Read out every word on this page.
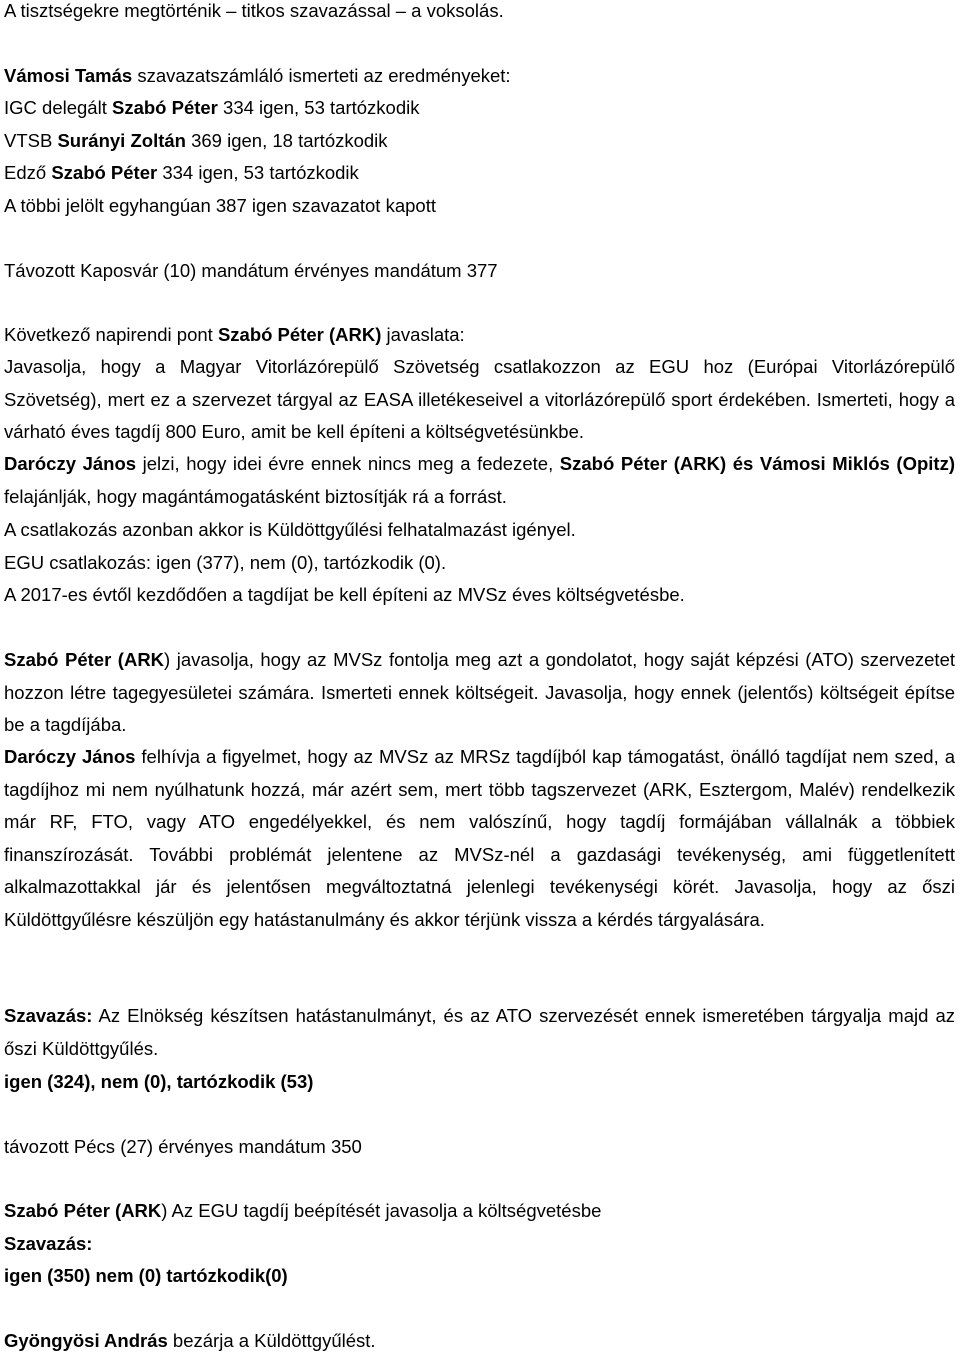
A tisztségekre megtörténik – titkos szavazással – a voksolás.

Vámosi Tamás szavazatszámláló ismerteti az eredményeket:

IGC delegált Szabó Péter 334 igen, 53 tartózkodik

VTSB Surányi Zoltán 369 igen, 18 tartózkodik

Edző Szabó Péter 334 igen, 53 tartózkodik

A többi jelölt egyhangúan 387 igen szavazatot kapott

Távozott Kaposvár (10) mandátum érvényes mandátum 377

Következő napirendi pont Szabó Péter (ARK) javaslata:

Javasolja, hogy a Magyar Vitorlázórepülő Szövetség csatlakozzon az EGU hoz (Európai Vitorlázórepülő Szövetség), mert ez a szervezet tárgyal az EASA illetékeseivel a vitorlázórepülő sport érdekében. Ismerteti, hogy a várható éves tagdíj 800 Euro, amit be kell építeni a költségvetésünkbe.

Daróczy János jelzi, hogy idei évre ennek nincs meg a fedezete, Szabó Péter (ARK) és Vámosi Miklós (Opitz) felajánlják, hogy magántámogatásként biztosítják rá a forrást.

A csatlakozás azonban akkor is Küldöttgyűlési felhatalmazást igényel.

EGU csatlakozás: igen (377), nem (0), tartózkodik (0).

A 2017-es évtől kezdődően a tagdíjat be kell építeni az MVSz éves költségvetésbe.

Szabó Péter (ARK) javasolja, hogy az MVSz fontolja meg azt a gondolatot, hogy saját képzési (ATO) szervezetet hozzon létre tagegyesületei számára. Ismerteti ennek költségeit. Javasolja, hogy ennek (jelentős) költségeit építse be a tagdíjába.

Daróczy János felhívja a figyelmet, hogy az MVSz az MRSz tagdíjból kap támogatást, önálló tagdíjat nem szed, a tagdíjhoz mi nem nyúlhatunk hozzá, már azért sem, mert több tagszervezet (ARK, Esztergom, Malév) rendelkezik már RF, FTO, vagy ATO engedélyekkel, és nem valószínű, hogy tagdíj formájában vállalnák a többiek finanszírozását. További problémát jelentene az MVSz-nél a gazdasági tevékenység, ami függetlenített alkalmazottakkal jár és jelentősen megváltoztatná jelenlegi tevékenységi körét. Javasolja, hogy az őszi Küldöttgyűlésre készüljön egy hatástanulmány és akkor térjünk vissza a kérdés tárgyalására.

Szavazás: Az Elnökség készítsen hatástanulmányt, és az ATO szervezését ennek ismeretében tárgyalja majd az őszi Küldöttgyűlés.

igen (324), nem (0), tartózkodik (53)

távozott Pécs (27) érvényes mandátum 350

Szabó Péter (ARK) Az EGU tagdíj beépítését javasolja a költségvetésbe

Szavazás:

igen (350) nem (0) tartózkodik(0)

Gyöngyösi András bezárja a Küldöttgyűlést.
